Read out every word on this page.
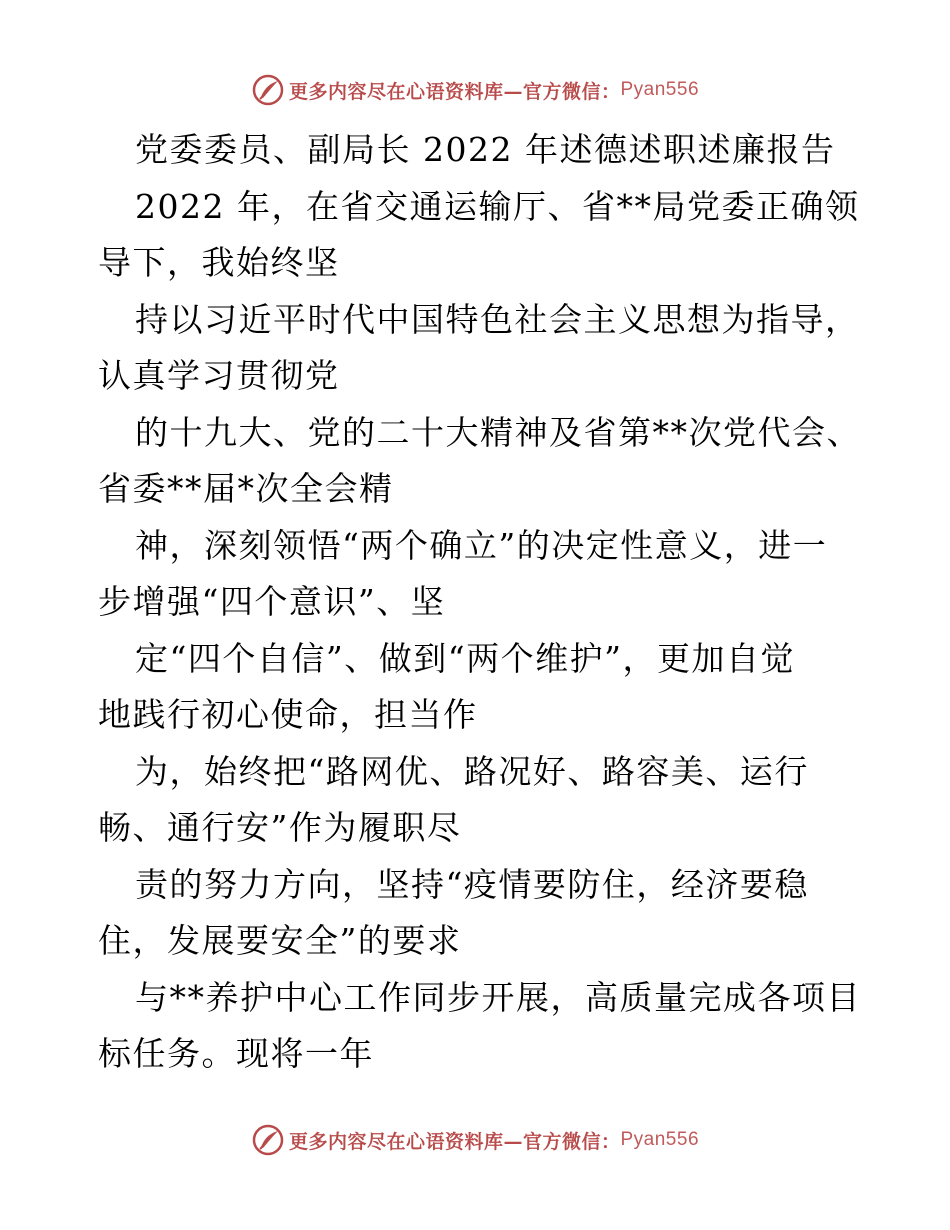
更多内容尽在心语资料库—官方微信： Pyan556
党委委员、副局长 2022 年述德述职述廉报告
2022 年，在省交通运输厅、省**局党委正确领
导下，我始终坚
持以习近平时代中国特色社会主义思想为指导，
认真学习贯彻党
的十九大、党的二十大精神及省第**次党代会、
省委**届*次全会精
神，深刻领悟“两个确立”的决定性意义，进一
步增强“四个意识”、坚
定“四个自信”、做到“两个维护”，更加自觉
地践行初心使命，担当作
为，始终把“路网优、路况好、路容美、运行
畅、通行安”作为履职尽
责的努力方向，坚持“疫情要防住，经济要稳
住，发展要安全”的要求
与**养护中心工作同步开展，高质量完成各项目
标任务。现将一年
更多内容尽在心语资料库—官方微信： Pyan556
